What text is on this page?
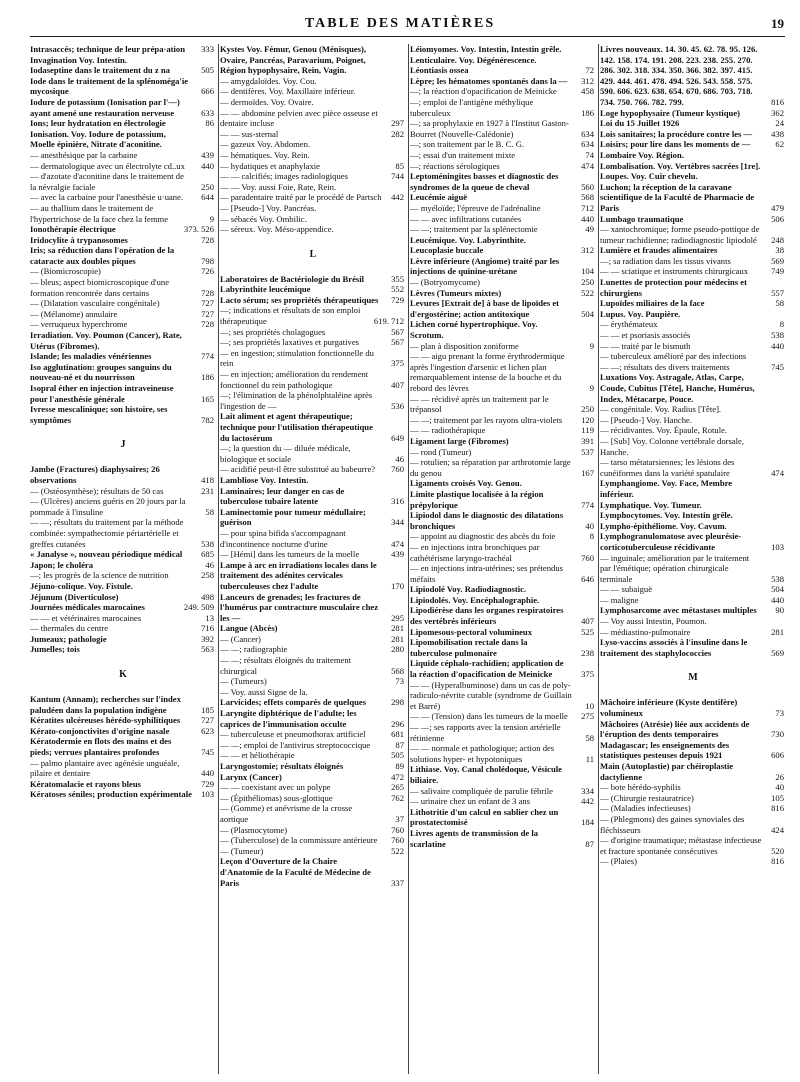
TABLE DES MATIÈRES	19
Intrasaccés; technique de leur prépa·ation	333
Invagination Voy. Intestin.
Iodaseptine dans le traitement du z na	505
Iode dans le traitement de la splénoméga'ie mycosique	666
Iodure de potassium (Ionisation par l'—) ayant amené une restauration nerveuse	633
Ions; leur hydratation en électrologie	86
Ionisation. Voy. Iodure de potassium, Moelle épinière, Nitrate d'aconitine.
— anesthésique par la carbaine	439
— dermatologique avec un électrolyte cd..ux	440
— d'azotate d'aconitine dans le traitement de la névralgie faciale	250
— avec la carbaine pour l'anesthésie u·uane.	644
— au thallium dans le traitement de l'hypertrichose de la face chez la femme	9
Ionothérapie électrique	373. 526
Iridocylite à trypanosomes	728
Iris; sa réduction dans l'opération de la cataracte aux doubles piques	798
— (Biomicroscopie)	726
— bleus; aspect biomicroscopique d'une formation rencontrée dans certains	728
— (Dilatation vasculaire congénitale)	727
— (Mélanome) annulaire	727
— verruqueux hyperchrome	728
Irradiation. Voy. Poumon (Cancer), Rate, Utérus (Fibromes).
Islande; les maladies vénériennes	774
Iso agglutination: groupes sanguins du nouveau-né et du nourrisson	186
Isopral éther en injection intraveineuse pour l'anesthésie générale	165
Ivresse mescalinique; son histoire, ses symptômes	782
J
Jambe (Fractures) diaphysaires; 26 observations	418
— (Ostéosynthèse); résultats de 50 cas	231
— (Ulcères) anciens guéris en 20 jours par la pommade à l'insuline	58
— —; résultats du traitement par la méthode combinée: sympathectomie périartérielle et greffes cutanées	538
« Janalyse », nouveau périodique médical	685
Japon; le choléra	46
—; les progrès de la science de nutrition	258
Jéjuno-colique. Voy. Fistule.
Jéjunum (Diverticulose)	498
Journées médicales marocaines	249. 509
— — et vétérinaires marocaines	13
— thermales du centre	716
Jumeaux; pathologie	392
Jumelles; tois	563
K
Kantum (Annam); recherches sur l'index paludéen dans la population indigène	185
Kératites ulcéreuses hérédo-syphilitiques	727
Kérato-conjonctivites d'origine nasale	623
Kératodermie en flots des mains et des pieds; verrues plantaires profondes	745
— palmo plantaire avec agénésie unguéale, pilaire et dentaire	440
Kératomalacie et rayons bleus	729
Kératoses séniles; production expérimentale 103
Kystes Voy. Fémur, Genou (Ménisques), Ovaire, Pancréas, Paravarium, Poignet, Région hypophysaire, Rein, Vagin.
— amygdaloïdes. Voy. Cou.
— dentifères. Voy. Maxillaire inférieur.
— dermoïdes. Voy. Ovaire.
— — abdomine pelvien avec pièce osseuse et dentaire incluse	297
— — sus-sternal	282
— gazeux Voy. Abdomen.
— hématiques. Voy. Rein.
— hydatiques et anaphylaxie	85
— — calcifiés; images radiologiques	744
— — Voy. aussi Foie, Rate, Rein.
— paradentaire traité par le procédé de Partsch 442
— [Pseudo-] Voy. Pancréas.
— sébacés Voy. Ombilic.
— séreux. Voy. Méso-appendice.
L
Laboratoires de Bactériologie du Brésil	355
Labyrinthite leucémique	552
Lacto sérum; ses propriétés thérapeutiques	729
—; indications et résultats de son emploi thérapeutique	619. 712
—; ses propriétés cholagogues	567
—; ses propriétés laxatives et purgatives	567
— en ingestion; stimulation fonctionnelle du rein	375
— en injection; amélioration du rendement fonctionnel du rein pathologique	407
—; l'élimination de la phénolphtaléine après l'ingestion de —	536
Lait aliment et agent thérapeutique; technique pour l'utilisation thérapeutique du lactosérum	649
—; la question du — diluée médicale, biologique et sociale	46
— acidifié peut-il être substitué au babeurre?	760
Lambliose Voy. Intestin.
Laminaires; leur danger en cas de tuberculose tubaire latente	316
Laminectomie pour tumeur médullaire; guérison	344
— pour spina bifida s'accompagnant d'incontinence nocturne d'urine	474
— [Hémi] dans les tumeurs de la moelle	439
Lampe à arc en irradiations locales dans le traitement des adénites cervicales tuberculeuses chez l'adulte	170
Lanceurs de grenades; les fractures de l'humérus par contracture musculaire chez les —	295
Langue (Abcès)	281
— (Cancer)	281
— —; radiographie	280
— —; résultats éloignés du traitement chirurgical	568
— (Tumeurs)	73
— Voy. aussi Signe de la.
Larvicides; effets comparés de quelques	298
Laryngite diphtérique de l'adulte; les caprices de l'immunisation occulte	296
— tuberculeuse et pneumothorax artificiel	681
— —; emploi de l'antivirus streptococcique	87
— — et héliothérapie	505
Laryngostomie; résultats éloignés	89
Larynx (Cancer)	472
— — coexistant avec un polype	265
— (Épithéliomas) sous-glottique	762
— (Gomme) et anévrisme de la crosse aortique	37
— (Plasmocytome)	760
— (Tuberculose) de la commissure antérieure	760
— (Tumeur)	522
Leçon d'Ouverture de la Chaire d'Anatomie de la Faculté de Médecine de Paris	337
Léiomyomes. Voy. Intestin, Intestin grêle.
Lenticulaire. Voy. Dégénérescence.
Léontiasis ossea	72
Lèpre; les hématomes spontanés dans la —	312
—; la réaction d'opacification de Meinicke	458
—; emploi de l'antigène méthylique tuberculeux	186
—; sa prophylaxie en 1927 à l'Institut Gaston-Bourret (Nouvelle-Calédonie)	634
—; son traitement par le B. C. G.	634
—; essai d'un traitement mixte	74
—; réactions sérologiques	474
Leptoméningites basses et diagnostic des syndromes de la queue de cheval	560
Leucémie aiguë	568
— myéloïde; l'épreuve de l'adrénaline	712
— — avec infiltrations cutanées	440
— —; traitement par la splénectomie	49
Leucémique. Voy. Labyrinthite.
Leucoplasie buccale	312
Lèvre inférieure (Angiome) traité par les injections de quinine-urétane	104
— (Botryomycome)	250
Lèvres (Tumeurs mixtes)	522
Levures [Extrait de] à base de lipoïdes et d'ergostérine; action antitoxique	504
Lichen corné hypertrophique. Voy. Scrotum.
— plan à disposition zoniforme	9
— — aigu prenant la forme érythrodermique après l'ingestion d'arsenic et lichen plan remarquablement intense de la bouche et du rebord des lèvres	9
— — récidivé après un traitement par le trépansol	250
— —; traitement par les rayons ultra-violets	120
— — radiothérapique	119
Ligament large (Fibromes)	391
— rond (Tumeur)	537
— rotulien; sa réparation par arthrotomie large du genou	167
Ligaments croisés Voy. Genou.
Limite plastique localisée à la région prépylorique	774
Lipiodol dans le diagnostic des dilatations bronchiques	40
— appoint au diagnostic des abcès du foie	8
— en injections intra bronchiques par cathétérisme laryngo-trachéal	760
— en injections intra-utérines; ses prétendus méfaits	646
Lipiodolé Voy. Radiodiagnostic.
Lipiodolés. Voy. Encéphalographie.
Lipodiérèse dans les organes respiratoires des vertébrés inférieurs	407
Lipomesous-pectoral volumineux	525
Lipomobilisation rectale dans la tuberculose pulmonaire	238
Liquide céphalo-rachidien; application de la réaction d'opacification de Meinicke	375
— — (Hyperalbuminose) dans un cas de poly-radiculo-névrite curable (syndrome de Guillain et Barré)	10
— — (Tension) dans les tumeurs de la moelle	275
— —; ses rapports avec la tension artérielle rétinienne	58
— — normale et pathologique; action des solutions hyper- et hypotoniques	11
Lithiase. Voy. Canal cholédoque, Vésicule biliaire.
— salivaire compliquée de parulie fébrile	334
— urinaire chez un enfant de 3 ans	442
Lithotritie d'un calcul en sablier chez un prostatectomisé	184
Livres agents de transmission de la scarlatine	87
Livres nouveaux. 14. 30. 45. 62. 78. 95. 126. 142. 158. 174. 191. 208. 223. 238. 255. 270. 286. 302. 318. 334. 350. 366. 382. 397. 415. 429. 444. 461. 478. 494. 526. 543. 558. 575. 590. 606. 623. 638. 654. 670. 686. 703. 718. 734. 750. 766. 782. 799.	816
Loge hypophysaire (Tumeur kystique)	362
Loi du 15 Juillet 1926	24
Lois sanitaires; la procédure contre les —	438
Loisirs; pour lire dans les moments de —	62
Lombaire Voy. Région.
Lombalisation. Voy. Vertèbres sacrées [1re].
Loupes. Voy. Cuir chevelu.
Luchon; la réception de la caravane scientifique de la Faculté de Pharmacie de Paris	479
Lumbago traumatique	506
— xantochromique; forme pseudo-pottique de tumeur rachidienne; radiodiagnostic lipiodolé	248
Lumière et fraudes alimentaires	38
—; sa radiation dans les tissus vivants	569
— — sciatique et instruments chirurgicaux	749
Lunettes de protection pour médecins et chirurgiens	557
Lupoïdes miliaires de la face	58
Lupus. Voy. Paupière.
— érythémateux	8
— — et psoriasis associés	538
— — traité par le bismuth	440
— tuberculeux amélioré par des infections
— —; résultats des divers traitements	745
Luxations Voy. Astragale, Atlas, Carpe, Coude, Cubitus [Tête], Hanche, Humérus, Index, Métacarpe, Pouce.
— congénitale. Voy. Radius [Tête].
— [Pseudo-] Voy. Hanche.
— récidivantes. Voy. Épaule, Rotule.
— [Sub] Voy. Colonne vertébrale dorsale, Hanche.
— tarso métatarsiennes; les lésions des cunéiformes dans la variété spatulaire	474
Lymphangiome. Voy. Face, Membre inférieur.
Lymphatique. Voy. Tumeur.
Lymphocytomes. Voy. Intestin grêle.
Lympho-épithéliome. Voy. Cavum.
Lymphogranulomatose avec pleurésie-corticotuberculeuse récidivante	103
— inguinale; amélioration par le traitement par l'émétique; opération chirurgicale terminale	538
— — subaiguë	504
— maligne	440
Lymphosarcome avec métastases multiples	90
— Voy aussi Intestin, Poumon.
— médiastino-pulmonaire	281
Lyso-vaccins associés à l'insuline dans le traitement des staphylococcies	569
M
Mâchoire inférieure (Kyste dentifère) volumineux	73
Mâchoires (Atrésie) liée aux accidents de l'éruption des dents temporaires	730
Madagascar; les enseignements des statistiques pesteuses depuis 1921	606
Main (Autoplastie) par chéiroplastie dactylienne	26
— bote hérédo-syphilis	40
— (Chirurgie restauratrice)	105
— (Maladies infectieuses)	816
— (Phlegmons) des gaines synoviales des fléchisseurs	424
— d'origine traumatique; métastase infectieuse et fracture spontanée consécutives	520
— (Plaies)	816
